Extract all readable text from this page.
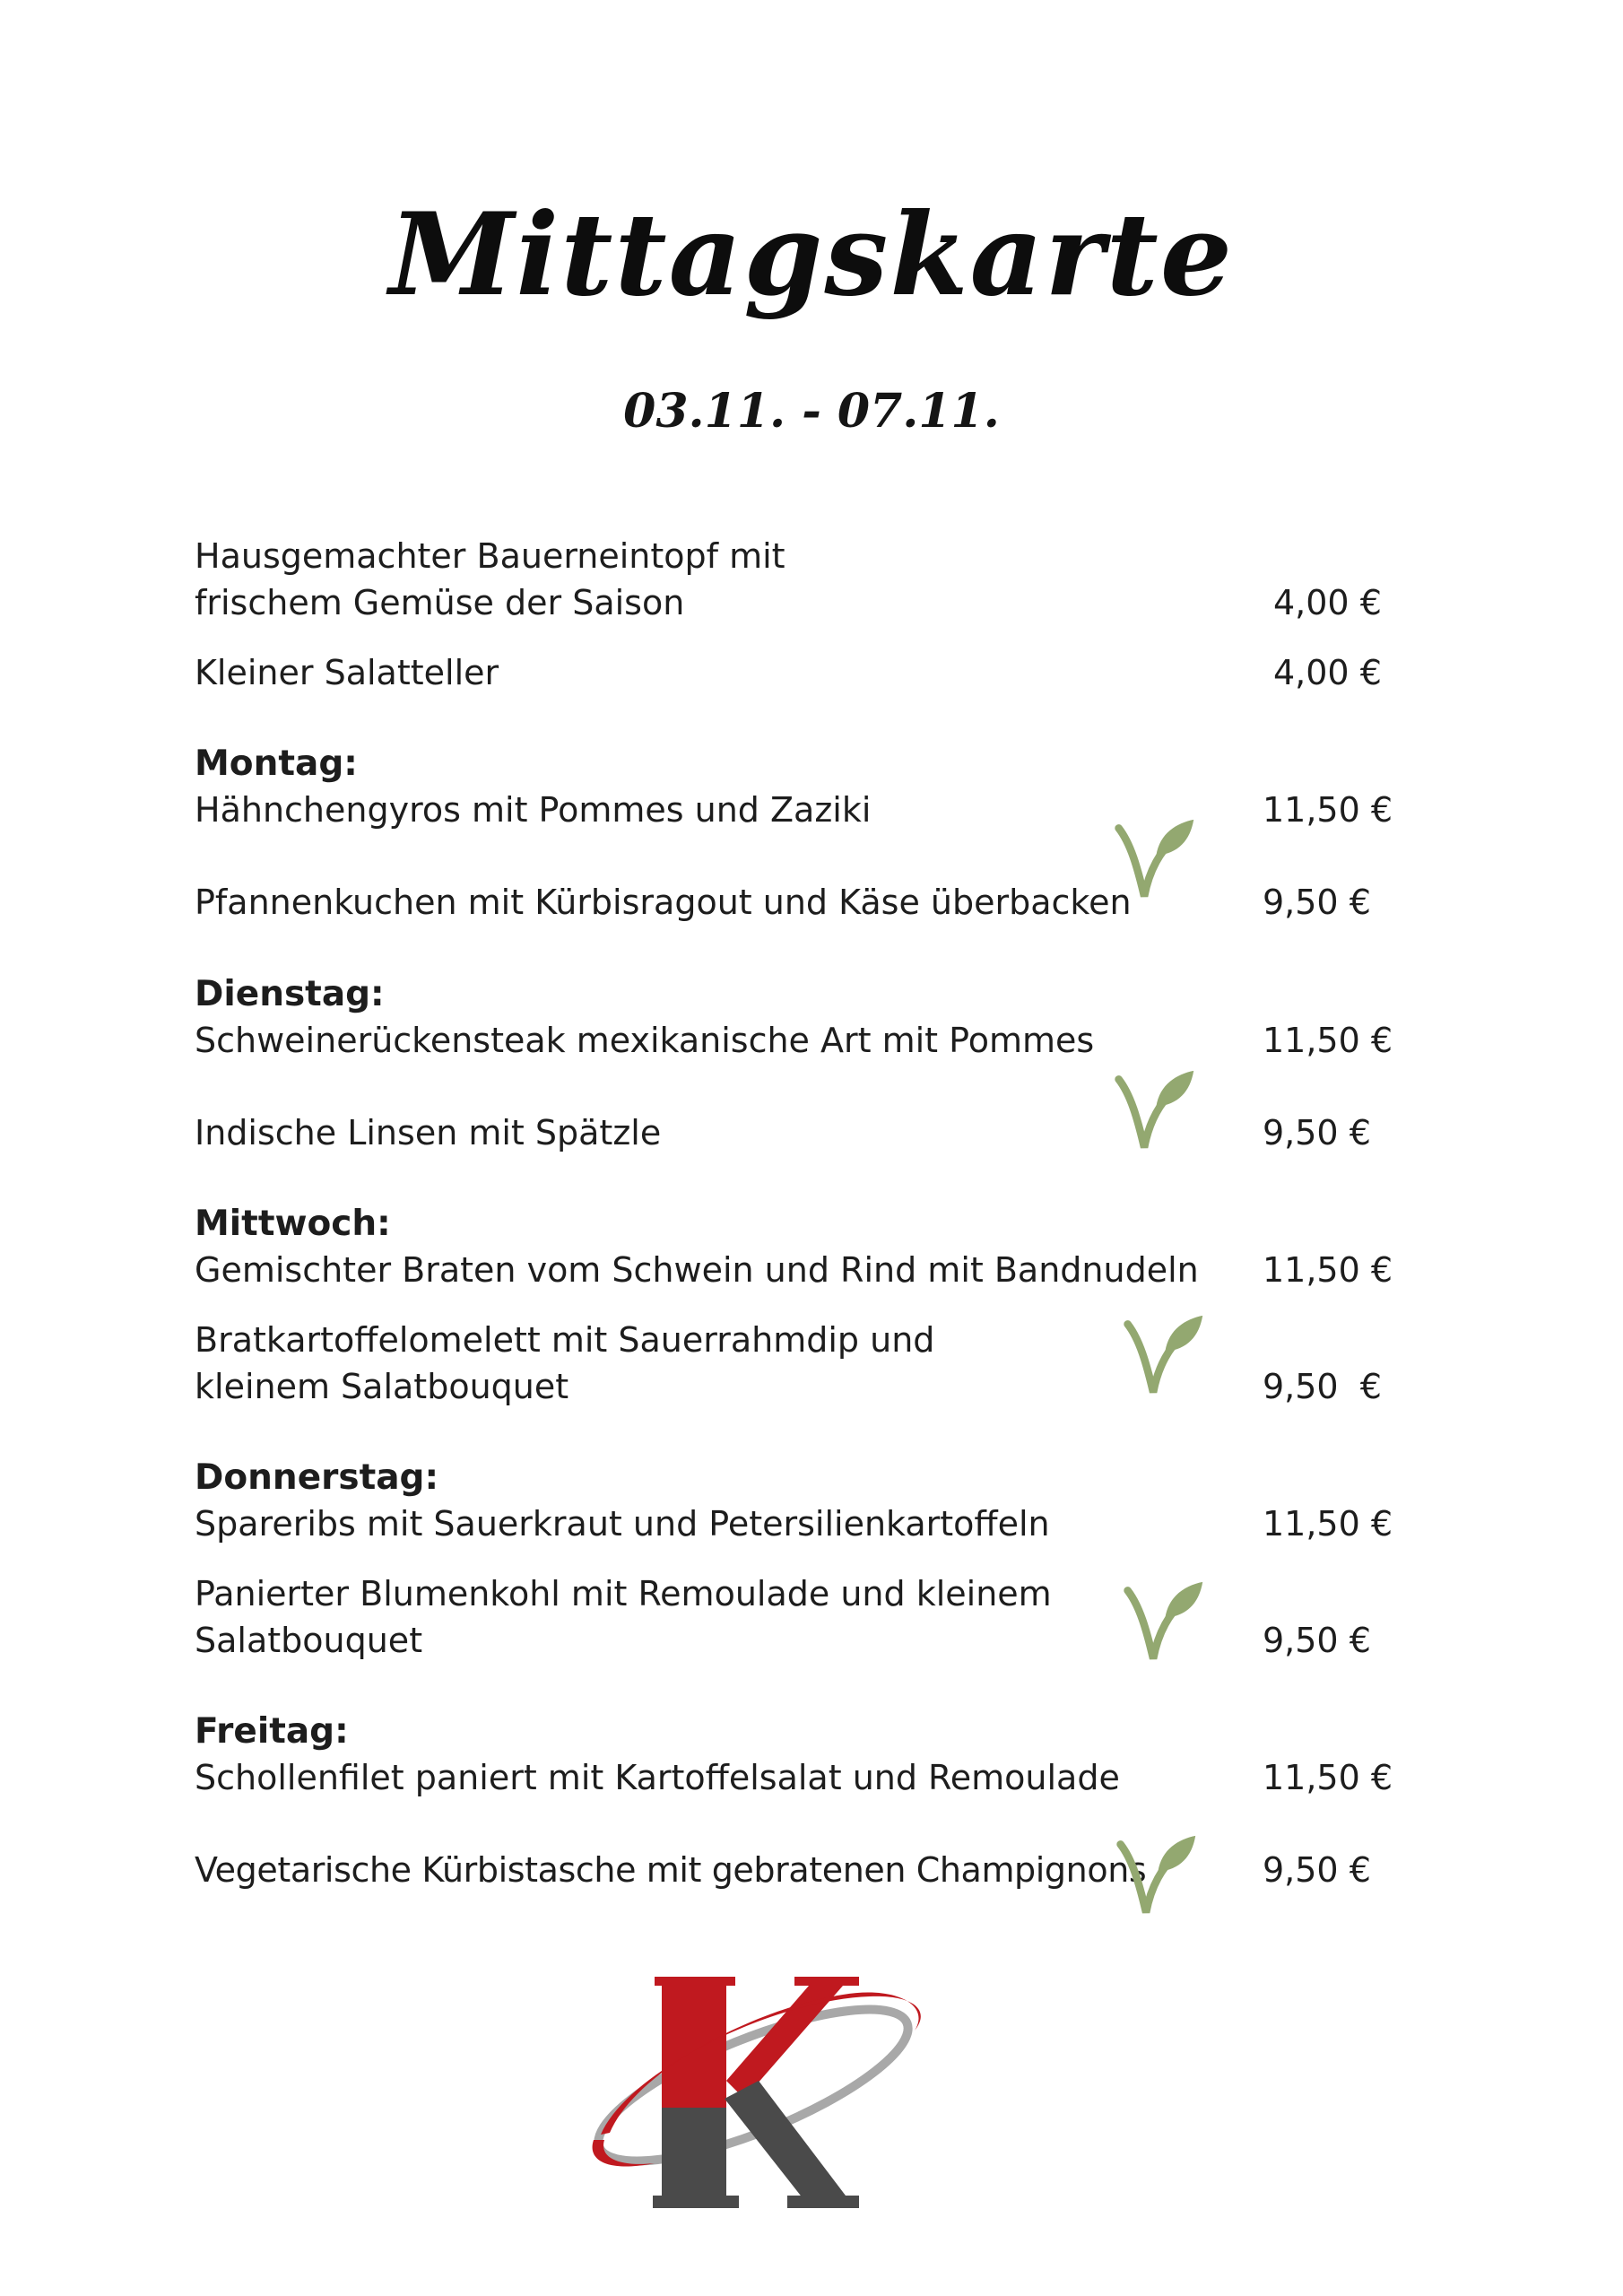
Mittagskarte
03.11. - 07.11.
Hausgemachter Bauerneintopf mit
frischem Gemüse der Saison	4,00 €
Kleiner Salatteller	4,00 €
Montag:
Hähnchengyros mit Pommes und Zaziki	11,50 €
Pfannenkuchen mit Kürbisragout und Käse überbacken	9,50 €
Dienstag:
Schweinerückensteak mexikanische Art mit Pommes	11,50 €
Indische Linsen mit Spätzle	9,50 €
Mittwoch:
Gemischter Braten vom Schwein und Rind mit Bandnudeln 11,50 €
Bratkartoffelomelett mit Sauerrahmdip und
kleinem Salatbouquet	9,50  €
Donnerstag:
Spareribs mit Sauerkraut und Petersilienkartoffeln	11,50 €
Panierter Blumenkohl mit Remoulade und kleinem
Salatbouquet	9,50 €
Freitag:
Schollenfilet paniert mit Kartoffelsalat und Remoulade	11,50 €
Vegetarische Kürbistasche mit gebratenen Champignons	9,50 €
